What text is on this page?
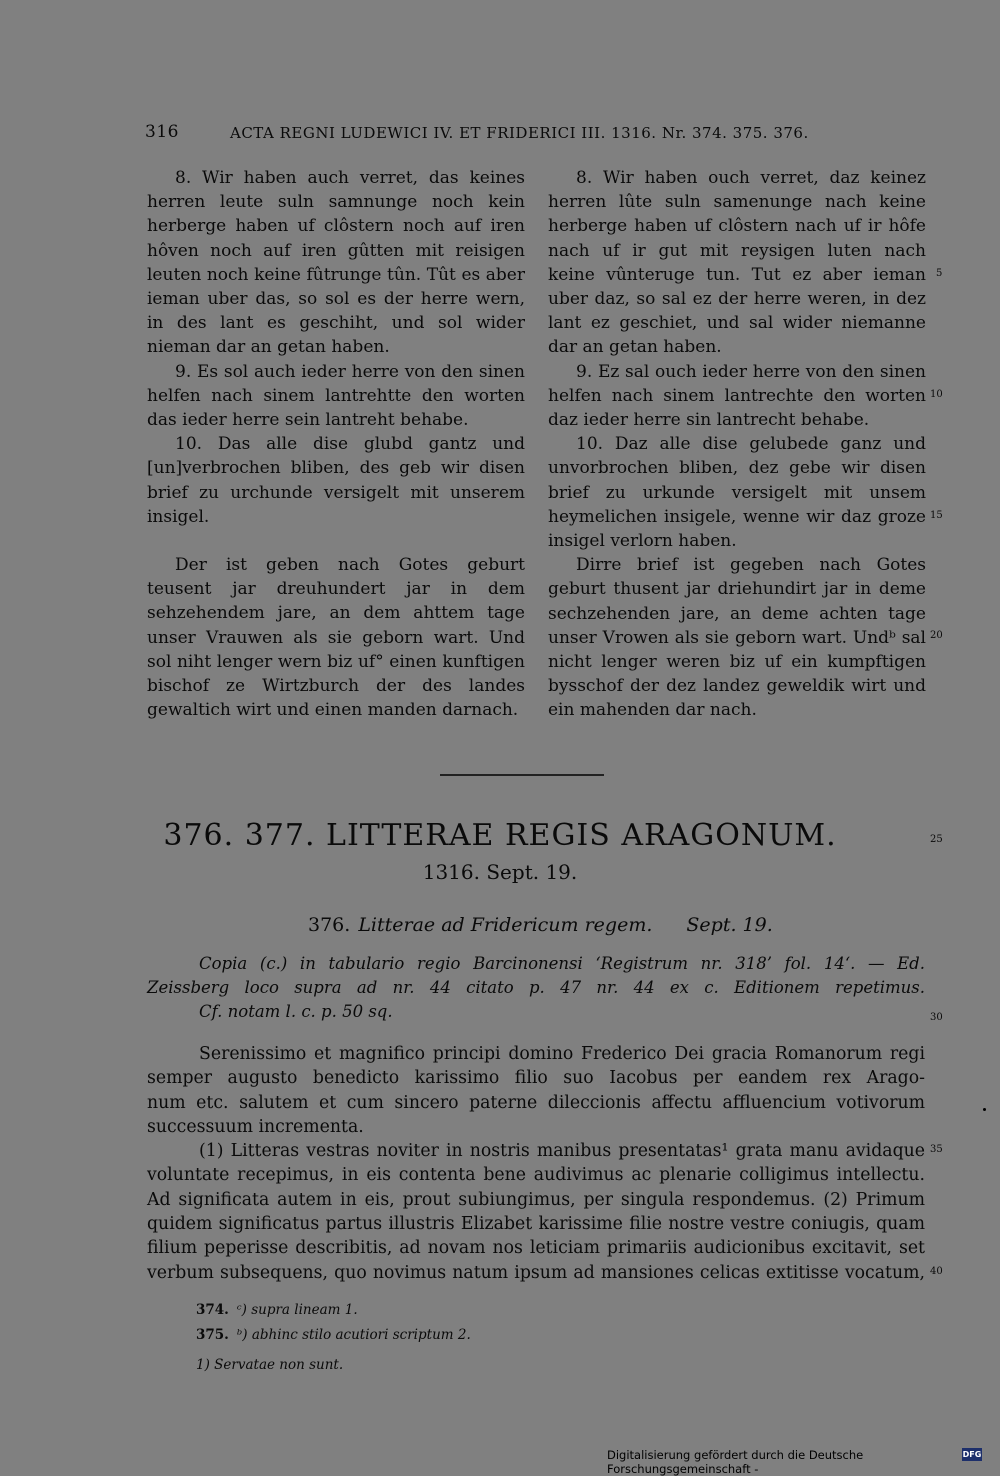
316	ACTA REGNI LUDEWICI IV. ET FRIDERICI III. 1316. Nr. 374. 375. 376.

8. Wir haben auch verret, das keines herren leute suln samnunge noch kein herberge haben uf clôstern noch auf iren hôven noch auf iren gûtten mit reisigen leuten noch keine fûtrunge tûn. Tût es aber ieman uber das, so sol es der herre wern, in des lant es geschiht, und sol wider nieman dar an getan haben.

9. Es sol auch ieder herre von den sinen helfen nach sinem lantrehtte den worten das ieder herre sein lantreht behabe.

10. Das alle dise glubd gantz und [un]verbrochen bliben, des geb wir disen brief zu urchunde versigelt mit unserem insigel.

Der ist geben nach Gotes geburt teusent jar dreuhundert jar in dem sehzehendem jare, an dem ahttem tage unser Vrauwen als sie geborn wart. Und sol niht lenger wern biz uf° einen kunftigen bischof ze Wirtzburch der des landes gewaltich wirt und einen manden darnach.

8. Wir haben ouch verret, daz keinez herren lûte suln samenunge nach keine herberge haben uf clôstern nach uf ir hôfe nach uf ir gut mit reysigen luten nach keine vûnteruge tun. Tut ez aber ieman uber daz, so sal ez der herre weren, in dez lant ez geschiet, und sal wider niemanne dar an getan haben.

9. Ez sal ouch ieder herre von den sinen helfen nach sinem lantrechte den worten daz ieder herre sin lantrecht behabe.

10. Daz alle dise gelubede ganz und unvorbrochen bliben, dez gebe wir disen brief zu urkunde versigelt mit unsem heymelichen insigele, wenne wir daz groze insigel verlorn haben.

Dirre brief ist gegeben nach Gotes geburt thusent jar driehundirt jar in deme sechzehenden jare, an deme achten tage unser Vrowen als sie geborn wart. Undᵇ sal nicht lenger weren biz uf ein kumpftigen bysschof der dez landez geweldik wirt und ein mahenden dar nach.

5
10
15
20
25
30
35
40
376. 377. LITTERAE REGIS ARAGONUM.
1316. Sept. 19.
376. Litterae ad Fridericum regem. Sept. 19.
Copia (c.) in tabulario regio Barcinonensi ‘Registrum nr. 318’ fol. 14‘. — Ed.
Zeissberg loco supra ad nr. 44 citato p. 47 nr. 44 ex c. Editionem repetimus.
Cf. notam l. c. p. 50 sq.
Serenissimo et magnifico principi domino Frederico Dei gracia Romanorum regi
semper augusto benedicto karissimo filio suo Iacobus per eandem rex Arago-
num etc. salutem et cum sincero paterne dileccionis affectu affluencium votivorum
successuum incrementa.
(1) Litteras vestras noviter in nostris manibus presentatas¹ grata manu avidaque
voluntate recepimus, in eis contenta bene audivimus ac plenarie colligimus intellectu.
Ad significata autem in eis, prout subiungimus, per singula respondemus. (2) Primum
quidem significatus partus illustris Elizabet karissime filie nostre vestre coniugis, quam
filium peperisse describitis, ad novam nos leticiam primariis audicionibus excitavit, set
verbum subsequens, quo novimus natum ipsum ad mansiones celicas extitisse vocatum,
374. ᶜ) supra lineam 1.
375. ᵇ) abhinc stilo acutiori scriptum 2.
1) Servatae non sunt.
Digitalisierung gefördert durch die Deutsche Forschungsgemeinschaft -
DFG
